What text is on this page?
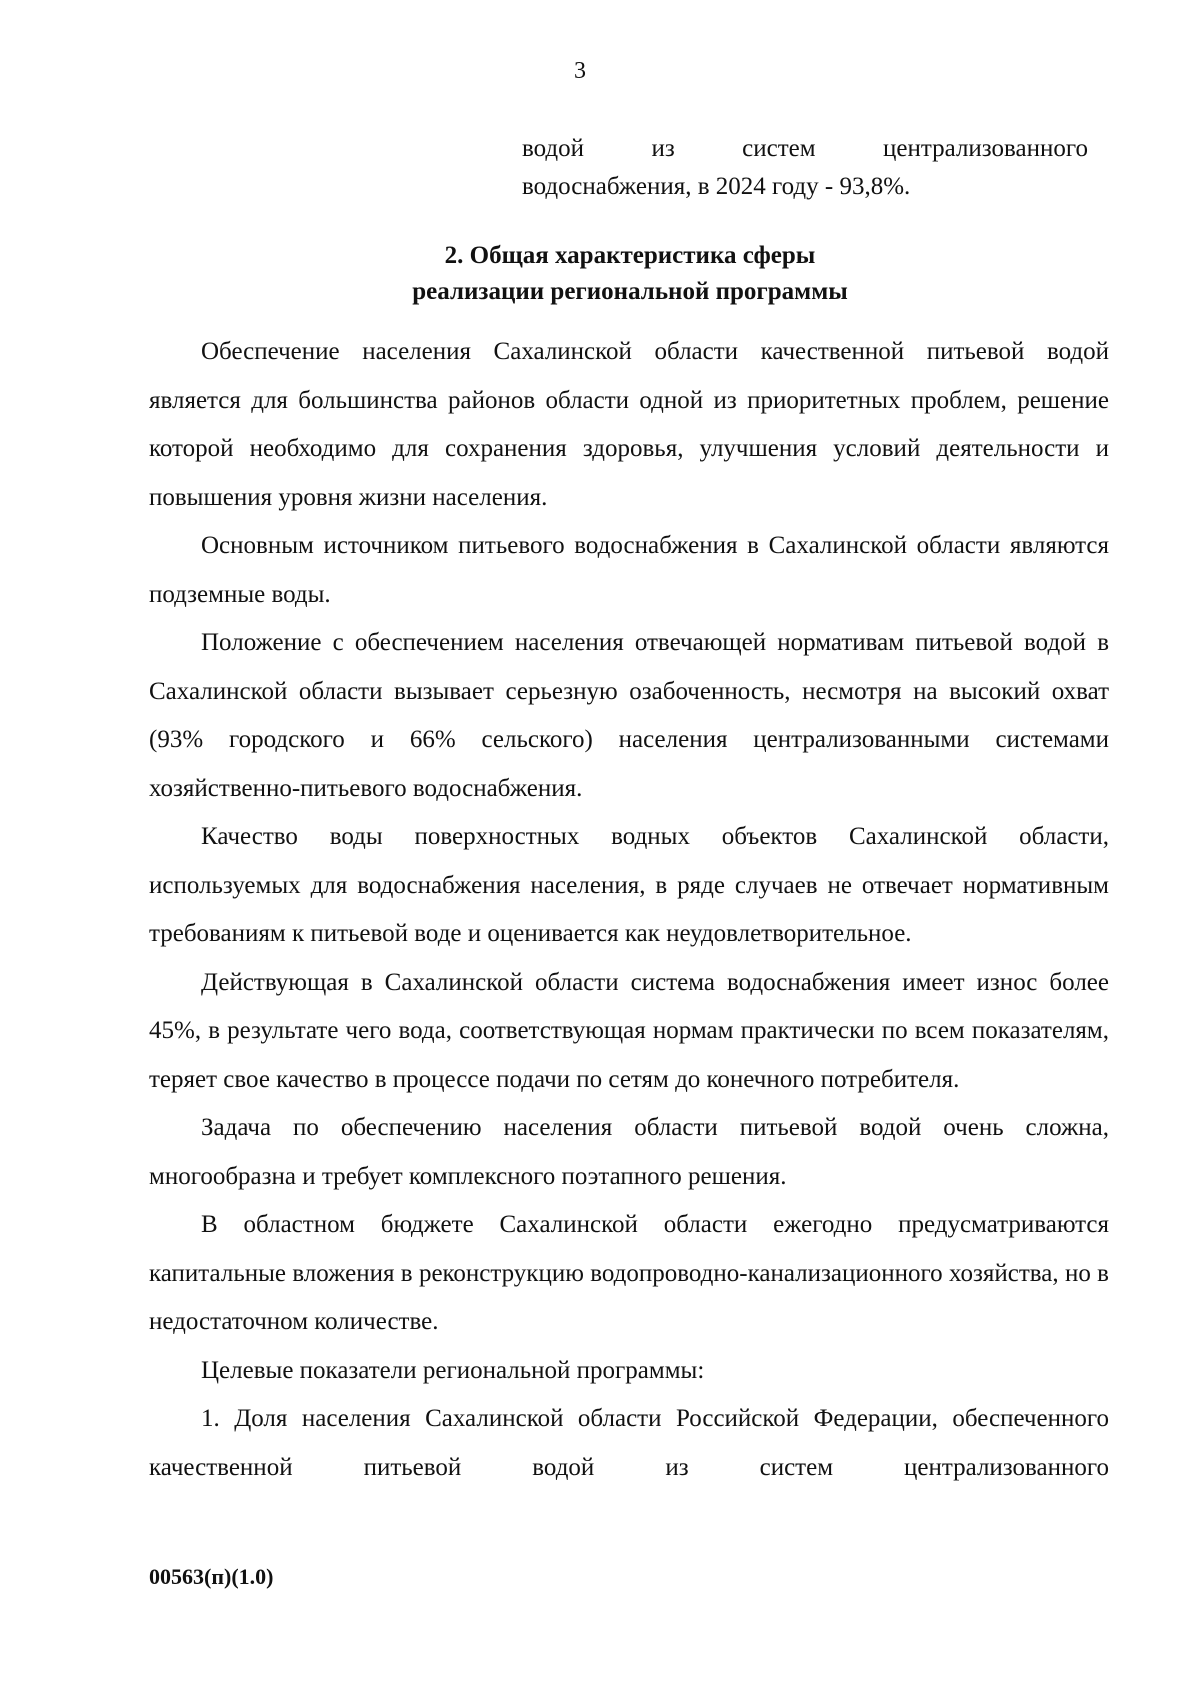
3
водой из систем централизованного
водоснабжения, в 2024 году - 93,8%.
2. Общая характеристика сферы
реализации региональной программы

Обеспечение населения Сахалинской области качественной питьевой водой является для большинства районов области одной из приоритетных проблем, решение которой необходимо для сохранения здоровья, улучшения условий деятельности и повышения уровня жизни населения.

Основным источником питьевого водоснабжения в Сахалинской области являются подземные воды.

Положение с обеспечением населения отвечающей нормативам питьевой водой в Сахалинской области вызывает серьезную озабоченность, несмотря на высокий охват (93% городского и 66% сельского) населения централизованными системами хозяйственно-питьевого водоснабжения.

Качество воды поверхностных водных объектов Сахалинской области, используемых для водоснабжения населения, в ряде случаев не отвечает нормативным требованиям к питьевой воде и оценивается как неудовлетворительное.

Действующая в Сахалинской области система водоснабжения имеет износ более 45%, в результате чего вода, соответствующая нормам практически по всем показателям, теряет свое качество в процессе подачи по сетям до конечного потребителя.

Задача по обеспечению населения области питьевой водой очень сложна, многообразна и требует комплексного поэтапного решения.

В областном бюджете Сахалинской области ежегодно предусматриваются капитальные вложения в реконструкцию водопроводно-канализационного хозяйства, но в недостаточном количестве.

Целевые показатели региональной программы:

1. Доля населения Сахалинской области Российской Федерации, обеспеченного качественной питьевой водой из систем централизованного

00563(п)(1.0)
